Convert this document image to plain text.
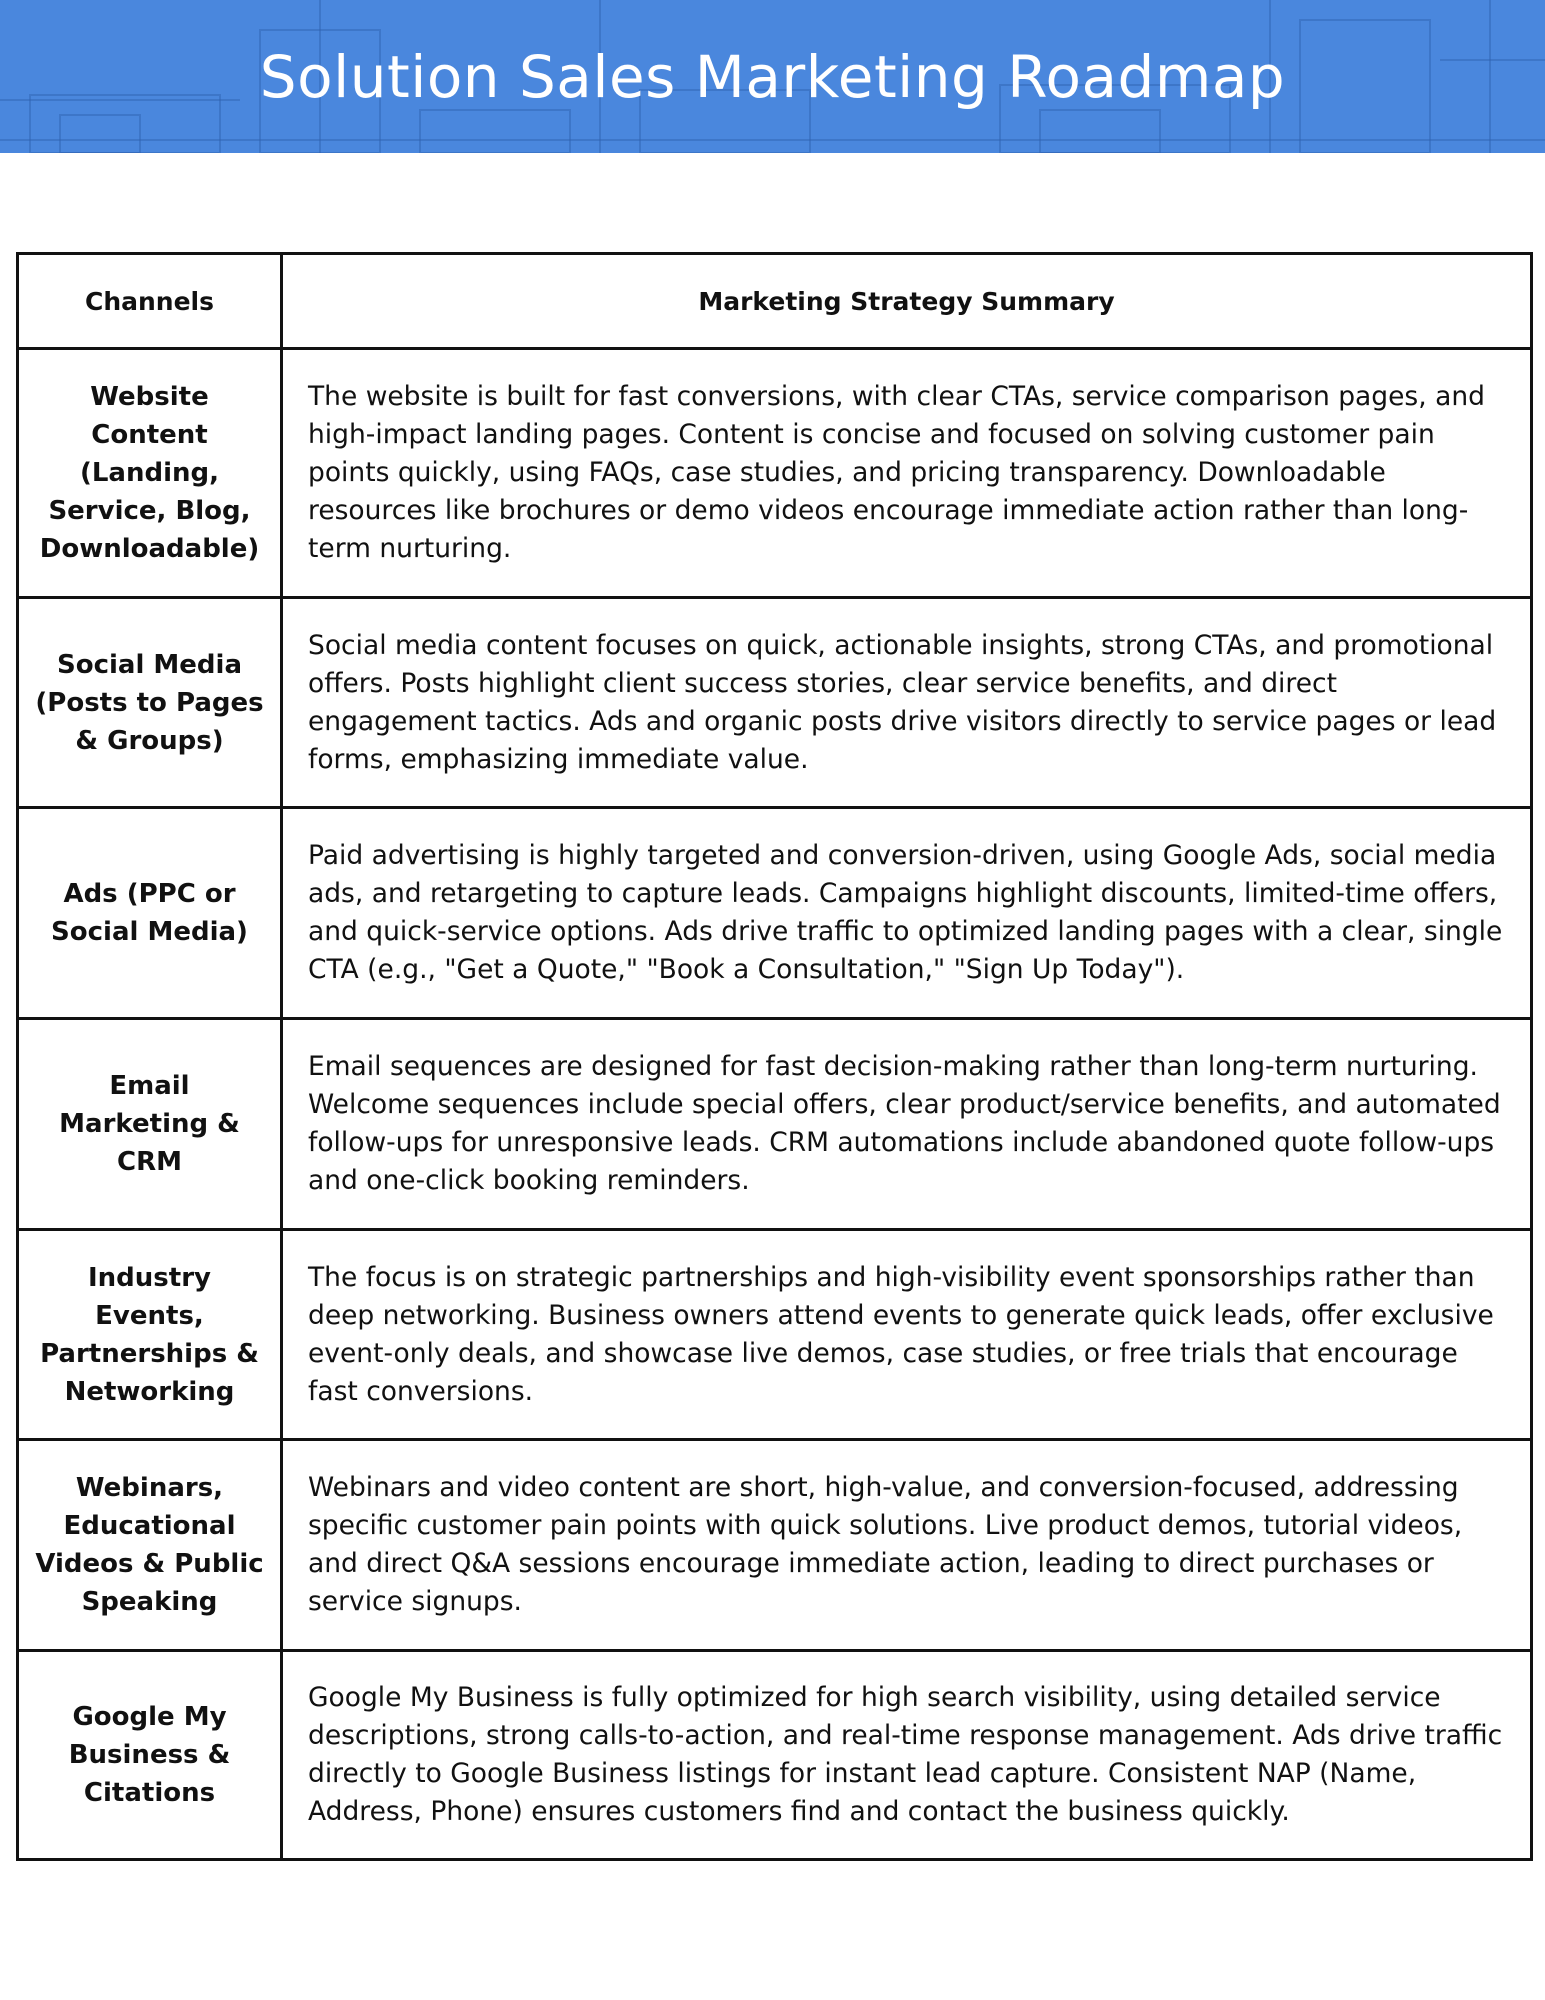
Solution Sales Marketing Roadmap
Channels	Marketing Strategy Summary
Website Content (Landing, Service, Blog, Downloadable)	The website is built for fast conversions, with clear CTAs, service comparison pages, and high-impact landing pages. Content is concise and focused on solving customer pain points quickly, using FAQs, case studies, and pricing transparency. Downloadable resources like brochures or demo videos encourage immediate action rather than long-term nurturing.
Social Media (Posts to Pages & Groups)	Social media content focuses on quick, actionable insights, strong CTAs, and promotional offers. Posts highlight client success stories, clear service benefits, and direct engagement tactics. Ads and organic posts drive visitors directly to service pages or lead forms, emphasizing immediate value.
Ads (PPC or Social Media)	Paid advertising is highly targeted and conversion-driven, using Google Ads, social media ads, and retargeting to capture leads. Campaigns highlight discounts, limited-time offers, and quick-service options. Ads drive traffic to optimized landing pages with a clear, single CTA (e.g., "Get a Quote," "Book a Consultation," "Sign Up Today").
Email Marketing & CRM	Email sequences are designed for fast decision-making rather than long-term nurturing. Welcome sequences include special offers, clear product/service benefits, and automated follow-ups for unresponsive leads. CRM automations include abandoned quote follow-ups and one-click booking reminders.
Industry Events, Partnerships & Networking	The focus is on strategic partnerships and high-visibility event sponsorships rather than deep networking. Business owners attend events to generate quick leads, offer exclusive event-only deals, and showcase live demos, case studies, or free trials that encourage fast conversions.
Webinars, Educational Videos & Public Speaking	Webinars and video content are short, high-value, and conversion-focused, addressing specific customer pain points with quick solutions. Live product demos, tutorial videos, and direct Q&A sessions encourage immediate action, leading to direct purchases or service signups.
Google My Business & Citations	Google My Business is fully optimized for high search visibility, using detailed service descriptions, strong calls-to-action, and real-time response management. Ads drive traffic directly to Google Business listings for instant lead capture. Consistent NAP (Name, Address, Phone) ensures customers find and contact the business quickly.
